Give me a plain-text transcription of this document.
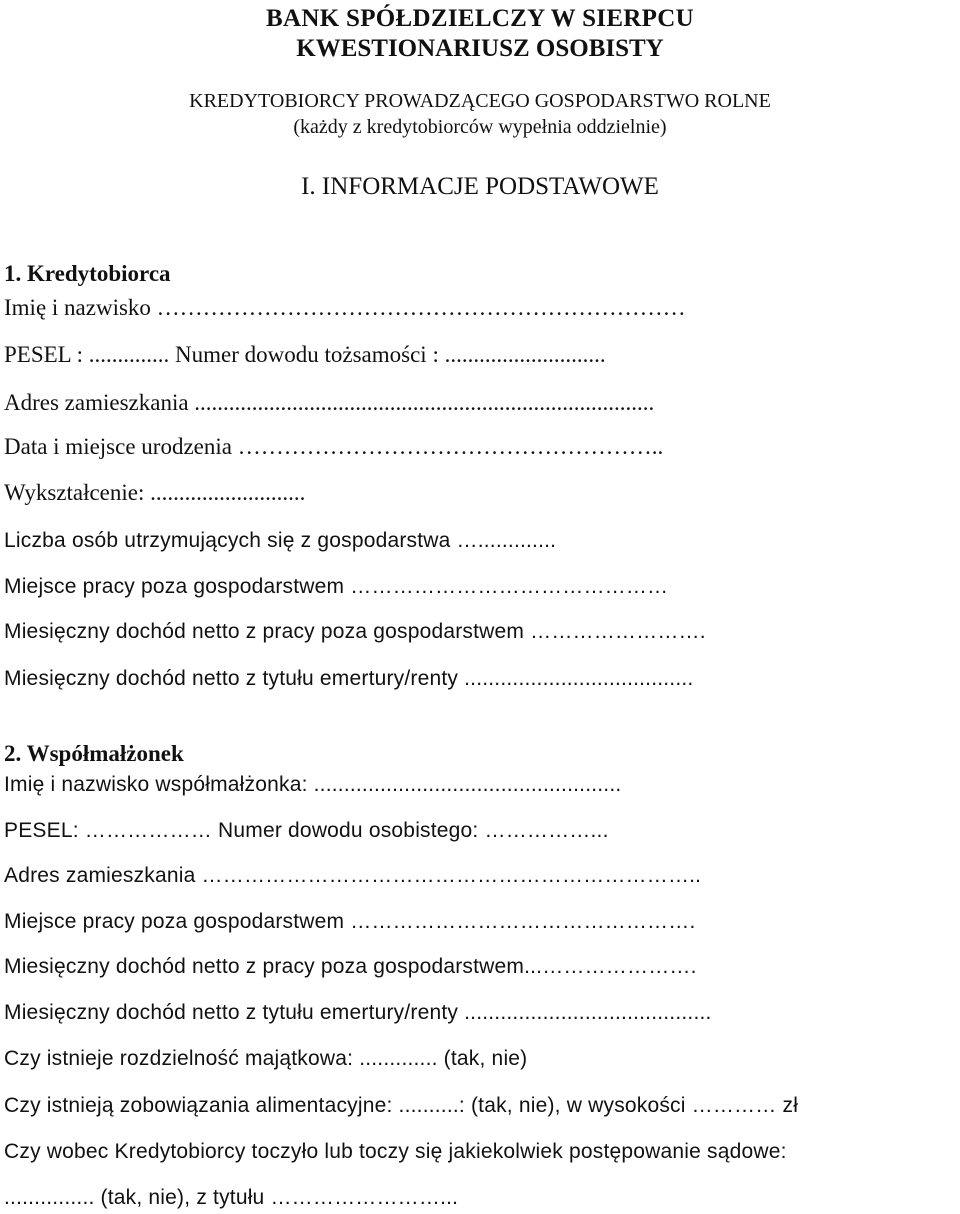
BANK SPÓŁDZIELCZY W SIERPCU
KWESTIONARIUSZ OSOBISTY
KREDYTOBIORCY PROWADZĄCEGO GOSPODARSTWO ROLNE
(każdy z kredytobiorców wypełnia oddzielnie)
I. INFORMACJE PODSTAWOWE
1. Kredytobiorca
Imię i nazwisko ……………………………………………………………
PESEL : .............. Numer dowodu tożsamości : ............................
Adres zamieszkania ................................................................................
Data i miejsce urodzenia ………………………………………………..
Wykształcenie: ...........................
Liczba osób utrzymujących się z gospodarstwa ….............
Miejsce pracy poza gospodarstwem ………………………………………
Miesięczny dochód netto z pracy poza gospodarstwem …………………….
Miesięczny dochód netto z tytułu emertury/renty ......................................
2. Współmałżonek
Imię i nazwisko współmałżonka: ...................................................
PESEL: ……………… Numer dowodu osobistego: ……………...
Adres zamieszkania ……………………………………………………………..
Miejsce pracy poza gospodarstwem ………………………………………….
Miesięczny dochód netto z pracy poza gospodarstwem...………………….
Miesięczny dochód netto z tytułu emertury/renty .........................................
Czy istnieje rozdzielność majątkowa: ............. (tak, nie)
Czy istnieją zobowiązania alimentacyjne: ..........: (tak, nie), w wysokości ………… zł
Czy wobec Kredytobiorcy toczyło lub toczy się jakiekolwiek postępowanie sądowe:
............... (tak, nie), z tytułu ……………………...
